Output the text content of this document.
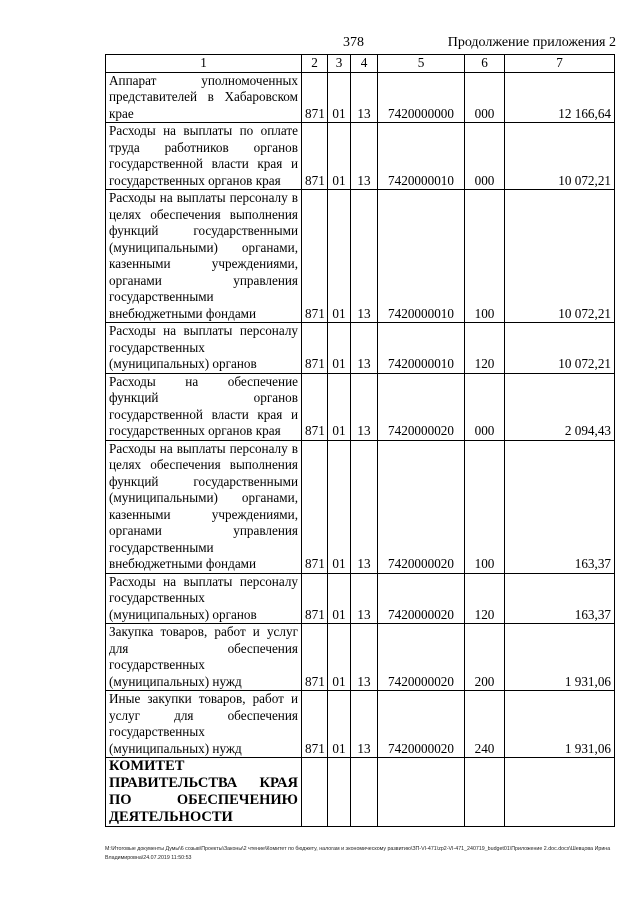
378	Продолжение приложения 2
1	2	3	4	5	6	7
Аппарат уполномоченных представителей в Хабаровском крае	871	01	13	7420000000	000	12 166,64
Расходы на выплаты по оплате труда работников органов государственной власти края и государственных органов края	871	01	13	7420000010	000	10 072,21
Расходы на выплаты персоналу в целях обеспечения выполнения функций государственными (муниципальными) органами, казенными учреждениями, органами управления государственными внебюджетными фондами	871	01	13	7420000010	100	10 072,21
Расходы на выплаты персоналу государственных (муниципальных) органов	871	01	13	7420000010	120	10 072,21
Расходы на обеспечение функций органов государственной власти края и государственных органов края	871	01	13	7420000020	000	2 094,43
Расходы на выплаты персоналу в целях обеспечения выполнения функций государственными (муниципальными) органами, казенными учреждениями, органами управления государственными внебюджетными фондами	871	01	13	7420000020	100	163,37
Расходы на выплаты персоналу государственных (муниципальных) органов	871	01	13	7420000020	120	163,37
Закупка товаров, работ и услуг для обеспечения государственных (муниципальных) нужд	871	01	13	7420000020	200	1 931,06
Иные закупки товаров, работ и услуг для обеспечения государственных (муниципальных) нужд	871	01	13	7420000020	240	1 931,06
КОМИТЕТ ПРАВИТЕЛЬСТВА КРАЯ ПО ОБЕСПЕЧЕНИЮ ДЕЯТЕЛЬНОСТИ						
M:\Итоговые документы Думы\6 созыв\Проекты\Законы\2 чтение\Комитет по бюджету, налогам и экономическому развитию\ЗП-VI-471\zp2-VI-471_240719_budget01\Приложение 2.doc.docx\Шевцова Ирина Владимировна\24.07.2019 11:50:53
